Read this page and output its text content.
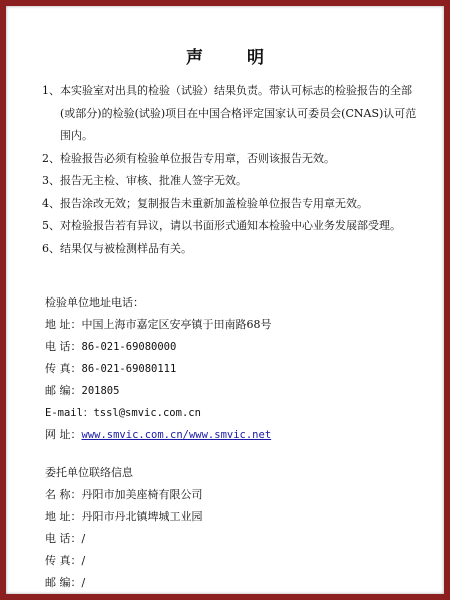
声	明
1、 本实验室对出具的检验（试验）结果负责。带认可标志的检验报告的全部(或部分)的检验(试验)项目在中国合格评定国家认可委员会(CNAS)认可范围内。
2、 检验报告必须有检验单位报告专用章，否则该报告无效。
3、 报告无主检、审核、批准人签字无效。
4、 报告涂改无效；复制报告未重新加盖检验单位报告专用章无效。
5、 对检验报告若有异议，请以书面形式通知本检验中心业务发展部受理。
6、 结果仅与被检测样品有关。
检验单位地址电话：
地 址：中国上海市嘉定区安亭镇于田南路68号
电 话：86-021-69080000
传 真：86-021-69080111
邮 编：201805
E-mail：tssl@smvic.com.cn
网 址：www.smvic.com.cn/www.smvic.net
委托单位联络信息
名 称：丹阳市加美座椅有限公司
地 址：丹阳市丹北镇埤城工业园
电 话：/
传 真：/
邮 编：/
